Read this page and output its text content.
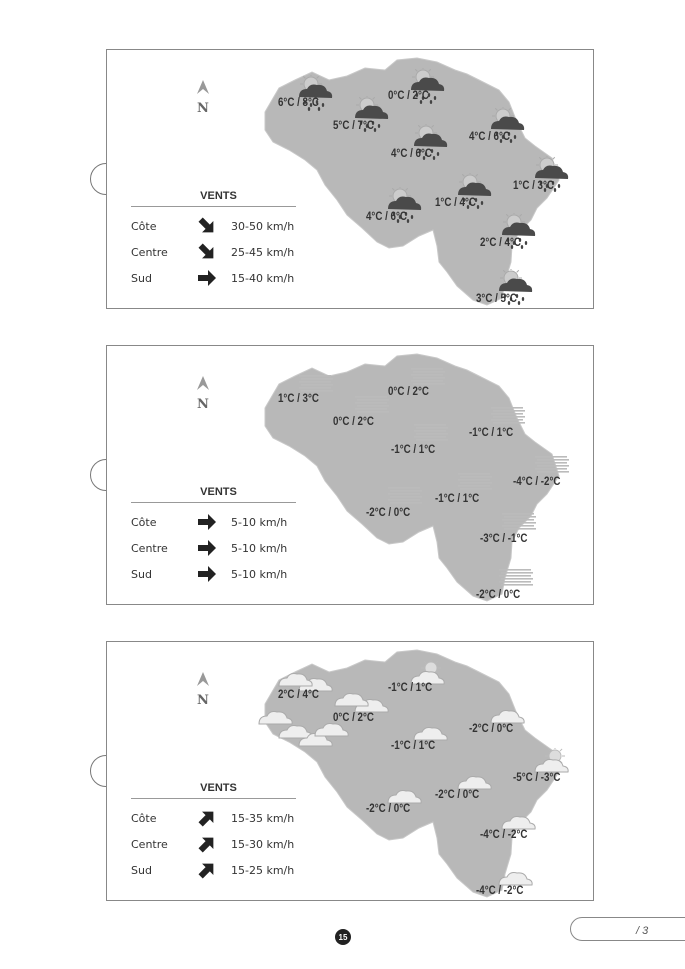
6°C / 8°C
5°C / 7°C
0°C / 2°C
4°C / 6°C
4°C / 6°C
1°C / 3°C
1°C / 4°C
4°C / 6°C
2°C / 4°C
3°C / 5°C
N
VENTS
Côte	30-50 km/h
Centre	25-45 km/h
Sud	15-40 km/h
1°C / 3°C
0°C / 2°C
0°C / 2°C
-1°C / 1°C
-1°C / 1°C
-4°C / -2°C
-1°C / 1°C
-2°C / 0°C
-3°C / -1°C
-2°C / 0°C
N
VENTS
Côte	5-10 km/h
Centre	5-10 km/h
Sud	5-10 km/h
2°C / 4°C
0°C / 2°C
-1°C / 1°C
-2°C / 0°C
-1°C / 1°C
-5°C / -3°C
-2°C / 0°C
-2°C / 0°C
-4°C / -2°C
-4°C / -2°C
N
VENTS
Côte	15-35 km/h
Centre	15-30 km/h
Sud	15-25 km/h
15	/ 3
